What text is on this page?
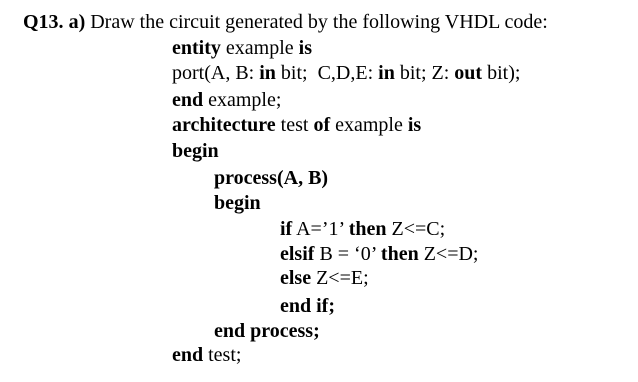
Q13. a) Draw the circuit generated by the following VHDL code:
entity example is
port(A, B: in bit;  C,D,E: in bit; Z: out bit);
end example;
architecture test of example is
begin
process(A, B)
begin
if A=’1’ then Z<=C;
elsif B = ‘0’ then Z<=D;
else Z<=E;
end if;
end process;
end test;
